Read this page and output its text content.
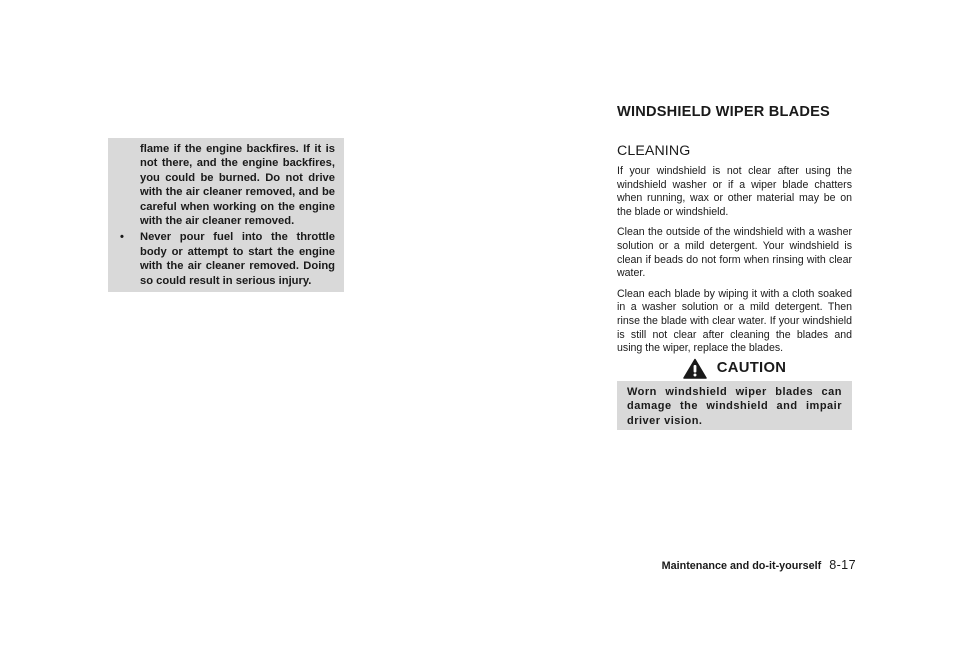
flame if the engine backfires. If it is not there, and the engine backfires, you could be burned. Do not drive with the air cleaner removed, and be careful when working on the engine with the air cleaner removed.

• Never pour fuel into the throttle body or attempt to start the engine with the air cleaner removed. Doing so could result in serious injury.
WINDSHIELD WIPER BLADES
CLEANING

If your windshield is not clear after using the windshield washer or if a wiper blade chatters when running, wax or other material may be on the blade or windshield.

Clean the outside of the windshield with a washer solution or a mild detergent. Your windshield is clean if beads do not form when rinsing with clear water.

Clean each blade by wiping it with a cloth soaked in a washer solution or a mild detergent. Then rinse the blade with clear water. If your windshield is still not clear after cleaning the blades and using the wiper, replace the blades.

CAUTION

Worn windshield wiper blades can damage the windshield and impair driver vision.

Maintenance and do-it-yourself 8-17
